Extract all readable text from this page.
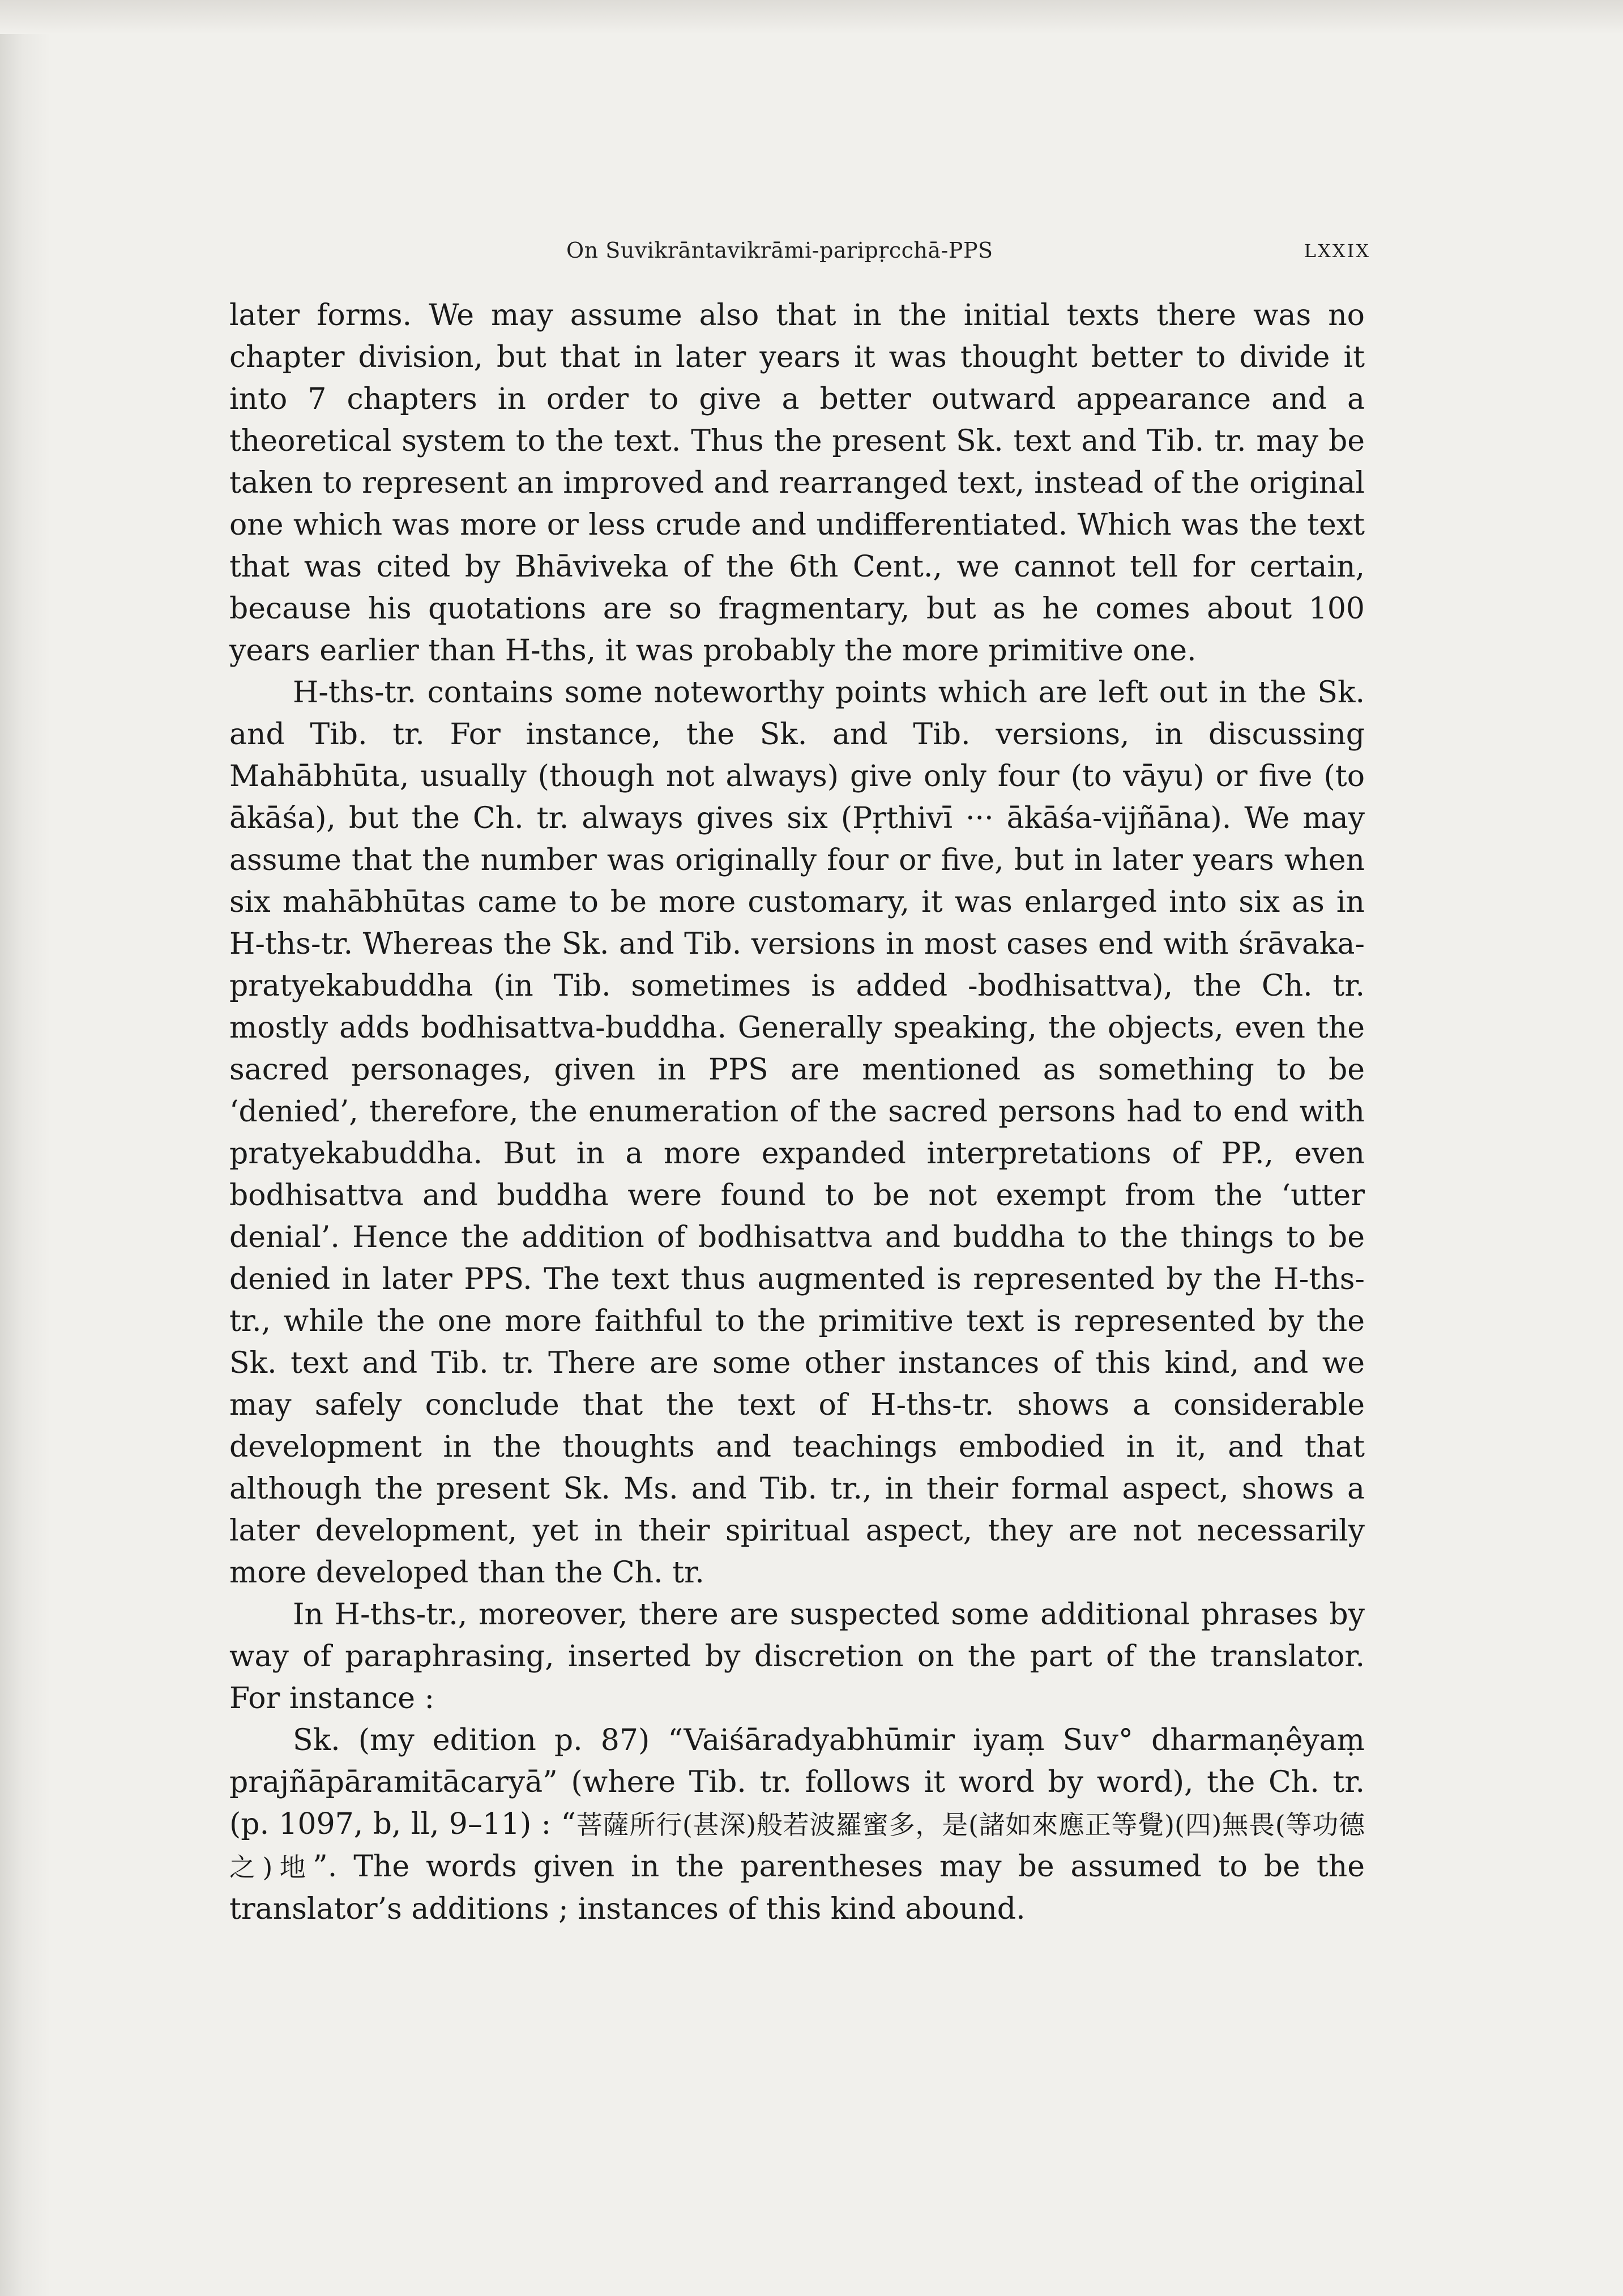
On Suvikrāntavikrāmi-paripṛcchā-PPS	LXXIX

later forms. We may assume also that in the initial texts there was no chapter division, but that in later years it was thought better to divide it into 7 chapters in order to give a better outward appearance and a theoretical system to the text. Thus the present Sk. text and Tib. tr. may be taken to represent an improved and rearranged text, instead of the original one which was more or less crude and undifferentiated. Which was the text that was cited by Bhāviveka of the 6th Cent., we cannot tell for certain, because his quotations are so fragmentary, but as he comes about 100 years earlier than H-ths, it was probably the more primitive one.

H-ths-tr. contains some noteworthy points which are left out in the Sk. and Tib. tr. For instance, the Sk. and Tib. versions, in discussing Mahābhūta, usually (though not always) give only four (to vāyu) or five (to ākāśa), but the Ch. tr. always gives six (Pṛthivī ··· ākāśa-vijñāna). We may assume that the number was originally four or five, but in later years when six mahābhūtas came to be more customary, it was enlarged into six as in H-ths-tr. Whereas the Sk. and Tib. versions in most cases end with śrāvaka-pratyekabuddha (in Tib. sometimes is added -bodhisattva), the Ch. tr. mostly adds bodhisattva-buddha. Generally speaking, the objects, even the sacred personages, given in PPS are mentioned as something to be ‘denied’, therefore, the enumeration of the sacred persons had to end with pratyekabuddha. But in a more expanded interpretations of PP., even bodhisattva and buddha were found to be not exempt from the ‘utter denial’. Hence the addition of bodhisattva and buddha to the things to be denied in later PPS. The text thus augmented is represented by the H-ths-tr., while the one more faithful to the primitive text is represented by the Sk. text and Tib. tr. There are some other instances of this kind, and we may safely conclude that the text of H-ths-tr. shows a considerable development in the thoughts and teachings embodied in it, and that although the present Sk. Ms. and Tib. tr., in their formal aspect, shows a later development, yet in their spiritual aspect, they are not necessarily more developed than the Ch. tr.

In H-ths-tr., moreover, there are suspected some additional phrases by way of paraphrasing, inserted by discretion on the part of the translator. For instance :

Sk. (my edition p. 87) “Vaiśāradyabhūmir iyaṃ Suv° dharmaṇêyaṃ prajñāpāramitācaryā” (where Tib. tr. follows it word by word), the Ch. tr. (p. 1097, b, ll, 9–11) : “菩薩所行(甚深)般若波羅蜜多，是(諸如來應正等覺)(四)無畏(等功德之)地”. The words given in the parentheses may be assumed to be the translator’s additions ; instances of this kind abound.
